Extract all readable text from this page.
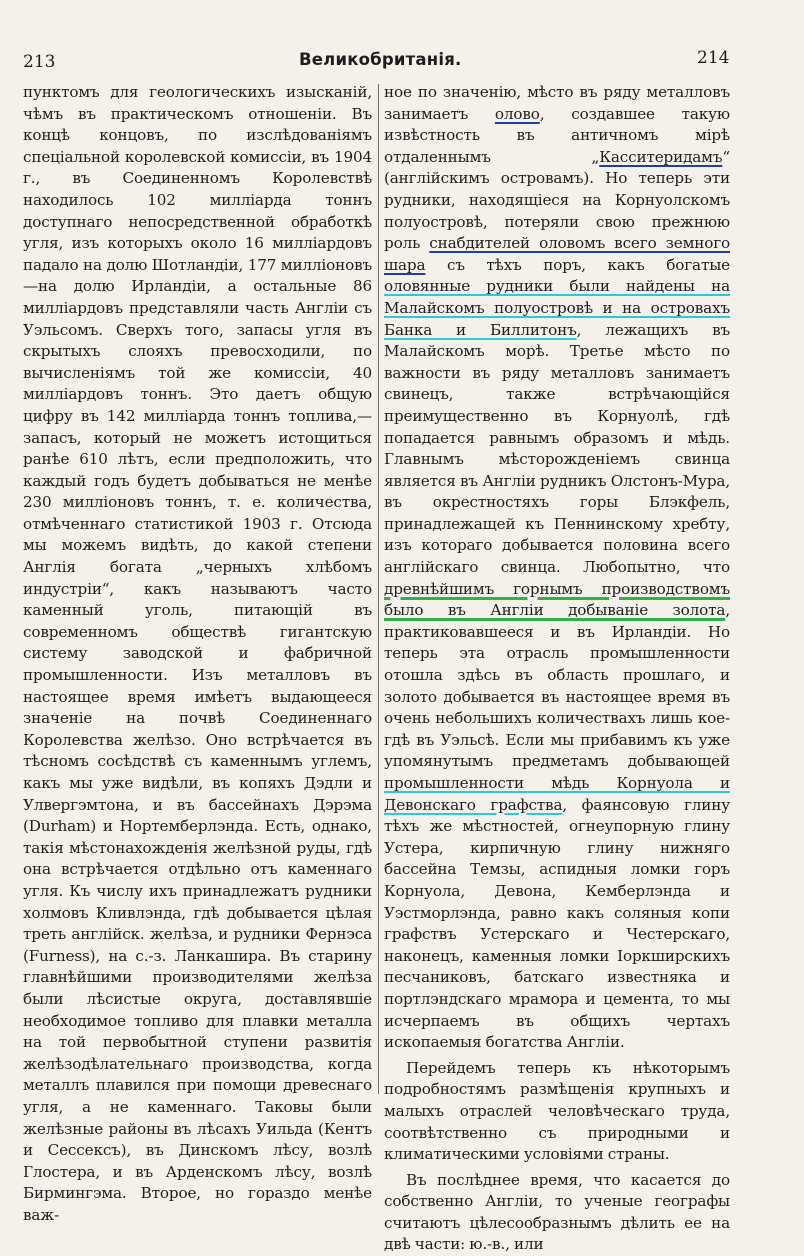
213	Великобританія.	214

пунктомъ для геологическихъ изысканій, чѣмъ въ практическомъ отношеніи. Въ концѣ концовъ, по изслѣдованіямъ спеціальной королевской комиссіи, въ 1904 г., въ Соединенномъ Королевствѣ находилось 102 милліарда тоннъ доступнаго непосредственной обработкѣ угля, изъ которыхъ около 16 милліардовъ падало на долю Шотландіи, 177 милліоновъ—на долю Ирландіи, а остальные 86 милліардовъ представляли часть Англіи съ Уэльсомъ. Сверхъ того, запасы угля въ скрытыхъ слояхъ превосходили, по вычисленіямъ той же комиссіи, 40 милліардовъ тоннъ. Это даетъ общую цифру въ 142 милліарда тоннъ топлива,—запасъ, который не можетъ истощиться ранѣе 610 лѣтъ, если предположить, что каждый годъ будетъ добываться не менѣе 230 милліоновъ тоннъ, т. е. количества, отмѣченнаго статистикой 1903 г. Отсюда мы можемъ видѣть, до какой степени Англія богата „черныхъ хлѣбомъ индустріи“, какъ называютъ часто каменный уголь, питающій въ современномъ обществѣ гигантскую систему заводской и фабричной промышленности. Изъ металловъ въ настоящее время имѣетъ выдающееся значеніе на почвѣ Соединеннаго Королевства желѣзо. Оно встрѣчается въ тѣсномъ сосѣдствѣ съ каменнымъ углемъ, какъ мы уже видѣли, въ копяхъ Дэдли и Улвергэмтона, и въ бассейнахъ Дэрэма (Durham) и Нортемберлэнда. Есть, однако, такія мѣстонахожденія желѣзной руды, гдѣ она встрѣчается отдѣльно отъ каменнаго угля. Къ числу ихъ принадлежатъ рудники холмовъ Кливлэнда, гдѣ добывается цѣлая треть англійск. желѣза, и рудники Фернэса (Furness), на с.-з. Ланкашира. Въ старину главнѣйшими производителями желѣза были лѣсистые округа, доставлявшіе необходимое топливо для плавки металла на той первобытной ступени развитія желѣзодѣлательнаго производства, когда металлъ плавился при помощи древеснаго угля, а не каменнаго. Таковы были желѣзные районы въ лѣсахъ Уильда (Кентъ и Сессексъ), въ Динскомъ лѣсу, возлѣ Глостера, и въ Арденскомъ лѣсу, возлѣ Бирмингэма. Второе, но гораздо менѣе важ-

ное по значенію, мѣсто въ ряду металловъ занимаетъ олово, создавшее такую извѣстность въ античномъ мірѣ отдаленнымъ „Касситеридамъ“ (англійскимъ островамъ). Но теперь эти рудники, находящіеся на Корнуолскомъ полуостровѣ, потеряли свою прежнюю роль снабдителей оловомъ всего земного шара съ тѣхъ поръ, какъ богатые оловянные рудники были найдены на Малайскомъ полуостровѣ и на островахъ Банка и Биллитонъ, лежащихъ въ Малайскомъ морѣ. Третье мѣсто по важности въ ряду металловъ занимаетъ свинецъ, также встрѣчающійся преимущественно въ Корнуолѣ, гдѣ попадается равнымъ образомъ и мѣдь. Главнымъ мѣсторожденіемъ свинца является въ Англіи рудникъ Олстонъ-Мура, въ окрестностяхъ горы Блэкфель, принадлежащей къ Пеннинскому хребту, изъ котораго добывается половина всего англійскаго свинца. Любопытно, что древнѣйшимъ горнымъ производствомъ было въ Англіи добываніе золота, практиковавшееся и въ Ирландіи. Но теперь эта отрасль промышленности отошла здѣсь въ область прошлаго, и золото добывается въ настоящее время въ очень небольшихъ количествахъ лишь кое-гдѣ въ Уэльсѣ. Если мы прибавимъ къ уже упомянутымъ предметамъ добывающей промышленности мѣдь Корнуола и Девонскаго графства, фаянсовую глину тѣхъ же мѣстностей, огнеупорную глину Устера, кирпичную глину нижняго бассейна Темзы, аспидныя ломки горъ Корнуола, Девона, Кемберлэнда и Уэстморлэнда, равно какъ соляныя копи графствъ Устерскаго и Честерскаго, наконецъ, каменныя ломки Іоркширскихъ песчаниковъ, батскаго известняка и портлэндскаго мрамора и цемента, то мы исчерпаемъ въ общихъ чертахъ ископаемыя богатства Англіи.

Перейдемъ теперь къ нѣкоторымъ подробностямъ размѣщенія крупныхъ и малыхъ отраслей человѣческаго труда, соотвѣтственно съ природными и климатическими условіями страны.

Въ послѣднее время, что касается до собственно Англіи, то ученые географы считаютъ цѣлесообразнымъ дѣлить ее на двѣ части: ю.-в., или
